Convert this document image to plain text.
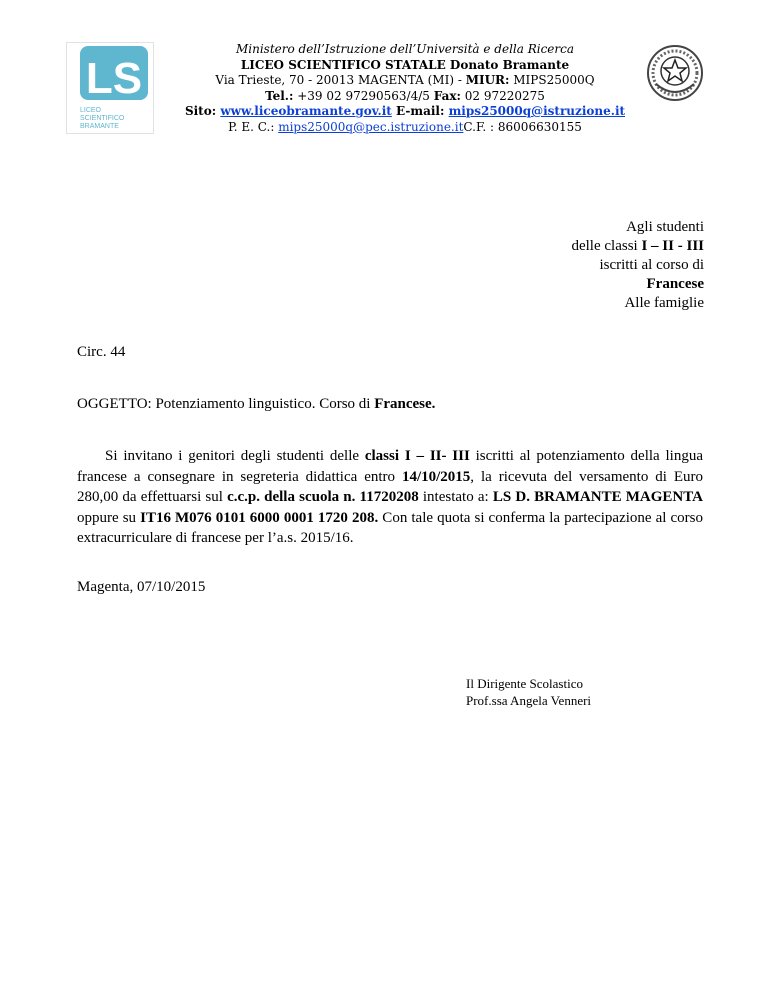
LS
LICEO
SCIENTIFICO
BRAMANTE
Ministero dell’Istruzione dell’Università e della Ricerca
LICEO SCIENTIFICO STATALE Donato Bramante
Via Trieste, 70 - 20013 MAGENTA (MI) - MIUR: MIPS25000Q
Tel.: +39 02 97290563/4/5 Fax: 02 97220275
Sito: www.liceobramante.gov.it E-mail: mips25000q@istruzione.it
P. E. C.: mips25000q@pec.istruzione.itC.F. : 86006630155
Agli studenti
delle classi I – II - III
iscritti al corso di
Francese
Alle famiglie
Circ. 44
OGGETTO: Potenziamento linguistico. Corso di Francese.
Si invitano i genitori degli studenti delle classi I – II- III iscritti al potenziamento della lingua francese a consegnare in segreteria didattica entro 14/10/2015, la ricevuta del versamento di Euro 280,00 da effettuarsi sul c.c.p. della scuola n. 11720208 intestato a: LS D. BRAMANTE MAGENTA oppure su IT16 M076 0101 6000 0001 1720 208. Con tale quota si conferma la partecipazione al corso extracurriculare di francese per l’a.s. 2015/16.
Magenta, 07/10/2015
Il Dirigente Scolastico
Prof.ssa Angela Venneri
